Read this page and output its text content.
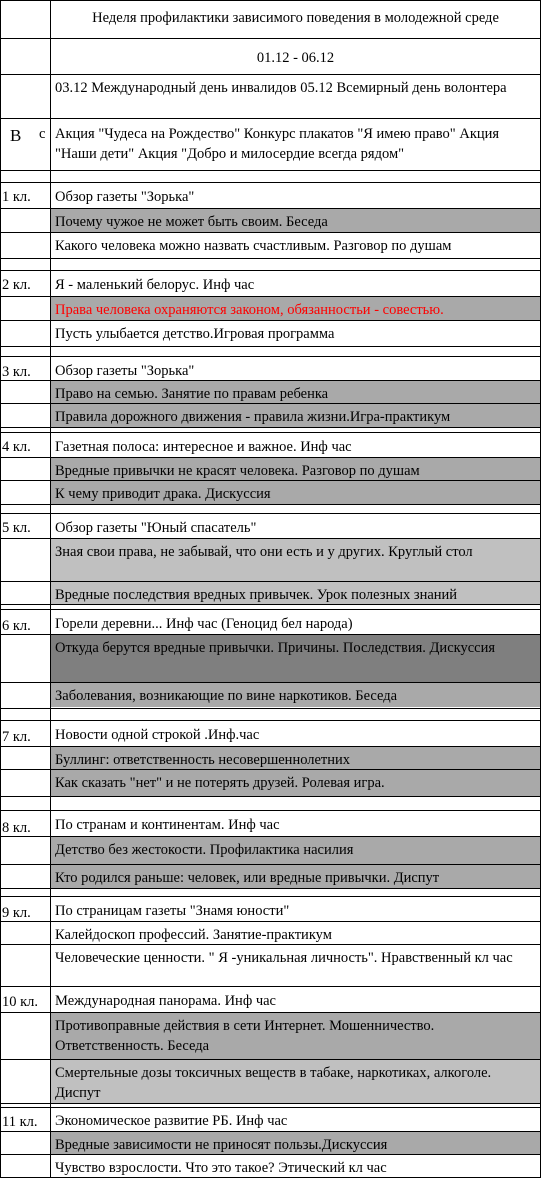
Неделя профилактики зависимого поведения в молодежной среде
01.12 - 06.12
03.12 Международный день инвалидов 05.12 Всемирный день волонтера
В с Акция "Чудеса на Рождество" Конкурс плакатов "Я имею право" Акция "Наши дети" Акция "Добро и милосердие всегда рядом"
1 кл.	Обзор газеты "Зорька"
Почему чужое не может быть своим. Беседа
Какого человека можно назвать счастливым. Разговор по душам
2 кл.	Я - маленький белорус. Инф час
Права человека охраняются законом, обязанностьи - совестью.
Пусть улыбается детство.Игровая программа
3 кл.	Обзор газеты "Зорька"
Право на семью. Занятие по правам ребенка
Правила дорожного движения - правила жизни.Игра-практикум
4 кл.	Газетная полоса: интересное и важное. Инф час
Вредные привычки не красят человека. Разговор по душам
К чему приводит драка. Дискуссия
5 кл.	Обзор газеты "Юный спасатель"
Зная свои права, не забывай, что они есть и у других. Круглый стол
Вредные последствия вредных привычек. Урок полезных знаний
6 кл.	Горели деревни... Инф час (Геноцид бел народа)
Откуда берутся вредные привычки. Причины. Последствия. Дискуссия
Заболевания, возникающие по вине наркотиков. Беседа
7 кл.	Новости одной строкой .Инф.час
Буллинг: ответственность несовершеннолетних
Как сказать "нет" и не потерять друзей. Ролевая игра.
8 кл.	По странам и континентам. Инф час
Детство без жестокости. Профилактика насилия
Кто родился раньше: человек, или вредные привычки. Диспут
9 кл.	По страницам газеты "Знамя юности"
Калейдоскоп профессий. Занятие-практикум
Человеческие ценности. " Я -уникальная личность". Нравственный кл час
10 кл.	Международная панорама. Инф час
Противоправные действия в сети Интернет. Мошенничество. Ответственность. Беседа
Смертельные дозы токсичных веществ в табаке, наркотиках, алкоголе. Диспут
11 кл.	Экономическое развитие РБ. Инф час
Вредные зависимости не приносят пользы.Дискуссия
Чувство взрослости. Что это такое? Этический кл час
